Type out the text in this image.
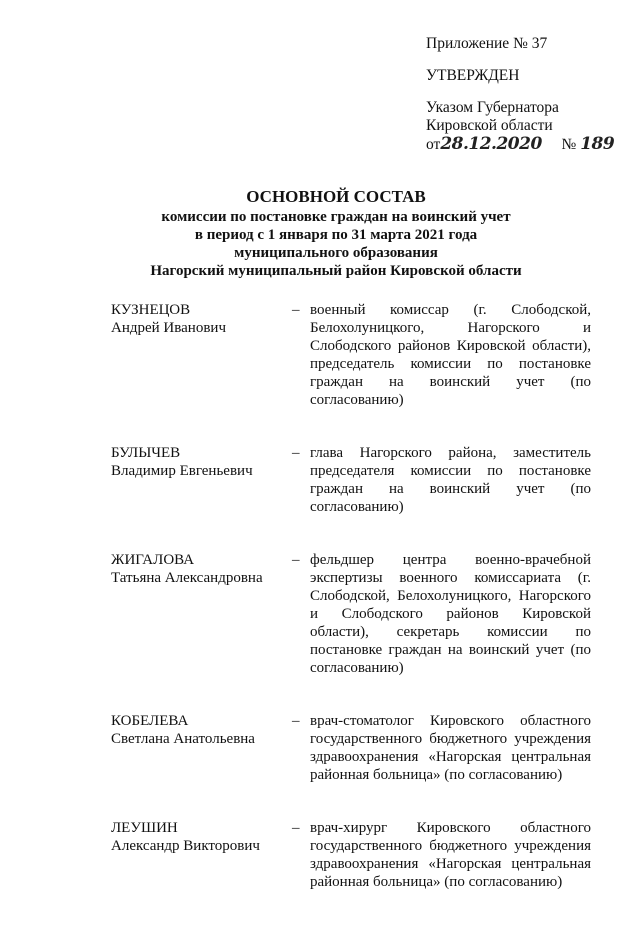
Приложение № 37
УТВЕРЖДЕН
Указом Губернатора
Кировской области
от28.12.2020 № 189
ОСНОВНОЙ СОСТАВ
комиссии по постановке граждан на воинский учет
в период с 1 января по 31 марта 2021 года
муниципального образования
Нагорский муниципальный район Кировской области
КУЗНЕЦОВ
Андрей Иванович
– военный комиссар (г. Слободской, Белохолуницкого, Нагорского и Слободского районов Кировской области), председатель комиссии по постановке граждан на воинский учет (по согласованию)
БУЛЫЧЕВ
Владимир Евгеньевич
– глава Нагорского района, заместитель председателя комиссии по постановке граждан на воинский учет (по согласованию)
ЖИГАЛОВА
Татьяна Александровна
– фельдшер центра военно-врачебной экспертизы военного комиссариата (г. Слободской, Белохолуницкого, Нагорского и Слободского районов Кировской области), секретарь комиссии по постановке граждан на воинский учет (по согласованию)
КОБЕЛЕВА
Светлана Анатольевна
– врач-стоматолог Кировского областного государственного бюджетного учреждения здравоохранения «Нагорская центральная районная больница» (по согласованию)
ЛЕУШИН
Александр Викторович
– врач-хирург Кировского областного государственного бюджетного учреждения здравоохранения «Нагорская центральная районная больница» (по согласованию)
